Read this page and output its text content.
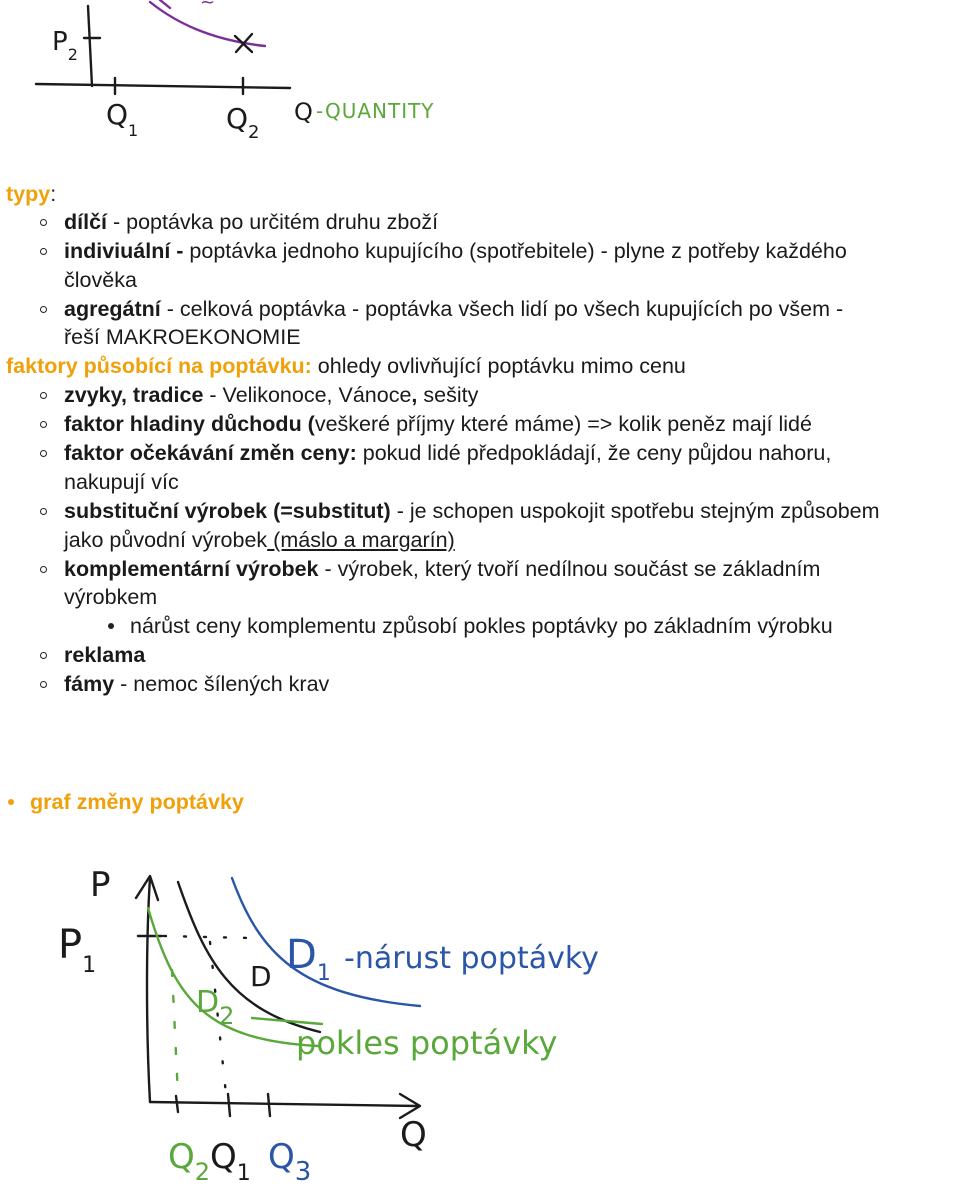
~
$P_2$
$Q_1$	$Q_2$
Q -QUANTITY
typy:
dílčí - poptávka po určitém druhu zboží
indiviuální - poptávka jednoho kupujícího (spotřebitele) - plyne z potřeby každého
člověka
agregátní - celková poptávka - poptávka všech lidí po všech kupujících po všem -
řeší MAKROEKONOMIE
faktory působící na poptávku: ohledy ovlivňující poptávku mimo cenu
zvyky, tradice - Velikonoce, Vánoce, sešity
faktor hladiny důchodu (veškeré příjmy které máme) => kolik peněz mají lidé
faktor očekávání změn ceny: pokud lidé předpokládají, že ceny půjdou nahoru,
nakupují víc
substituční výrobek (=substitut) - je schopen uspokojit spotřebu stejným způsobem
jako původní výrobek (máslo a margarín)
komplementární výrobek - výrobek, který tvoří nedílnou součást se základním
výrobkem
nárůst ceny komplementu způsobí pokles poptávky po základním výrobku
reklama
fámy - nemoc šílených krav
graf změny poptávky
P
$P_1$	D $D_1$ -nárust poptávky
$D_2$
pokles poptávky
Q
$Q_2$ $Q_1$ $Q_3$
